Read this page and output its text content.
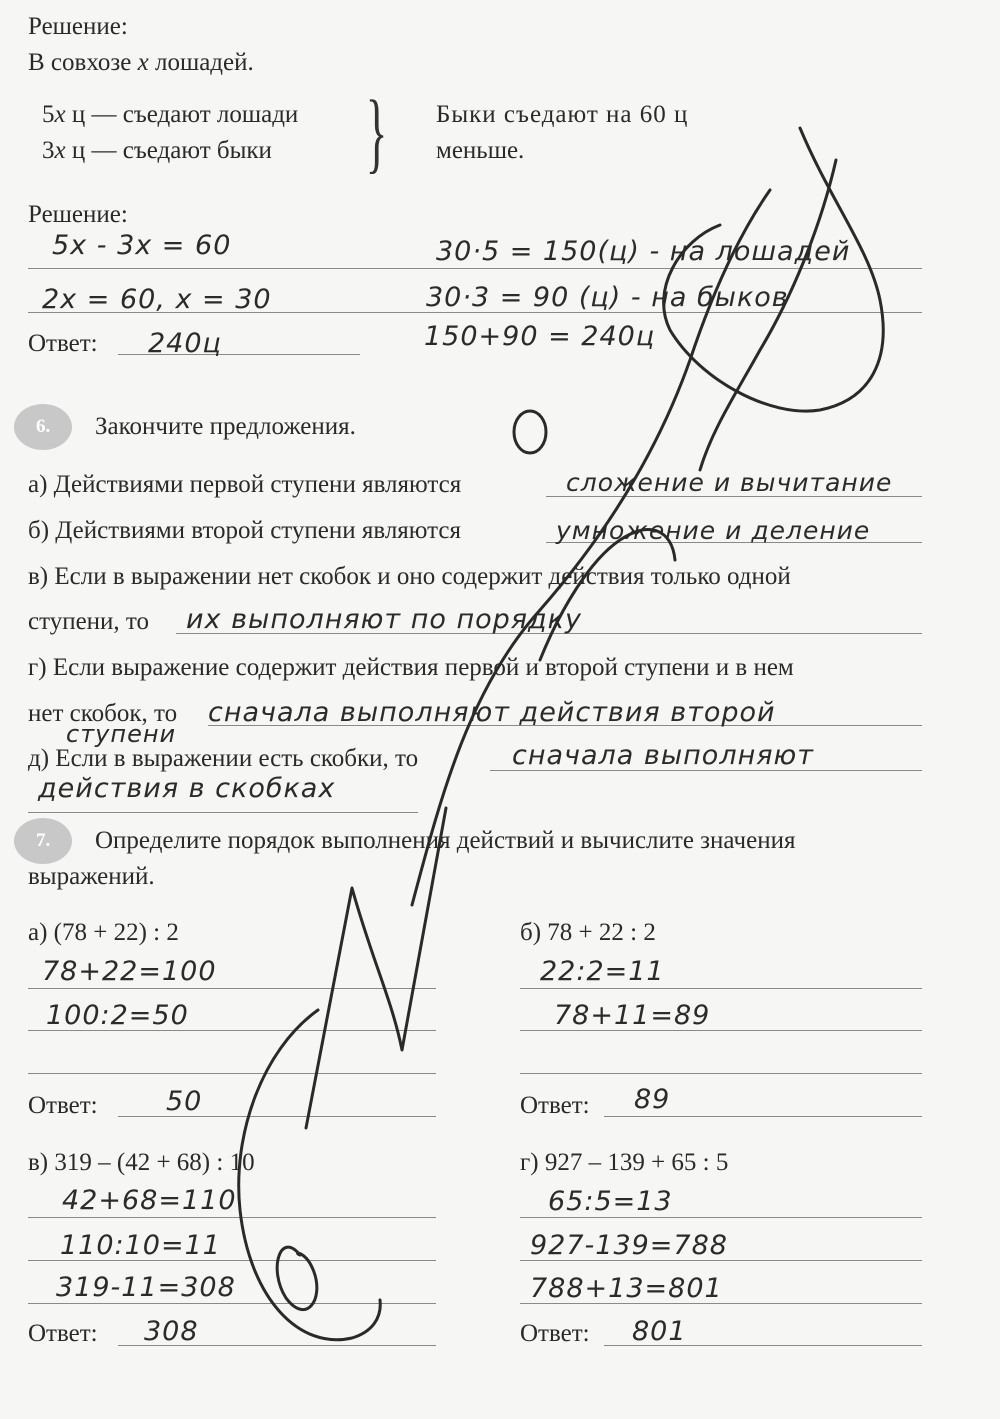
Решение:
В совхозе x лошадей.
5x ц — съедают лошади
3x ц — съедают быки } Быки съедают на 60 ц
меньше.
Решение:
5x - 3x = 60
2x = 60, x = 30
30·5 = 150(ц) - на лошадей
30·3 = 90 (ц) - на быков
150+90 = 240ц
Ответ: 240ц
6. Закончите предложения.
а) Действиями первой ступени являются	сложение и вычитание
б) Действиями второй ступени являются	умножение и деление
в) Если в выражении нет скобок и оно содержит действия только одной
ступени, то их выполняют по порядку
г) Если выражение содержит действия первой и второй ступени и в нем
нет скобок, то сначала выполняют действия второй
ступени
д) Если в выражении есть скобки, то	сначала выполняют
действия в скобках
7. Определите порядок выполнения действий и вычислите значения
выражений.
а) (78 + 22) : 2
78+22=100
100:2=50
Ответ:	50
б) 78 + 22 : 2
22:2=11
78+11=89
Ответ: 89
в) 319 – (42 + 68) : 10
42+68=110
110:10=11
319-11=308
Ответ: 308
г) 927 – 139 + 65 : 5
65:5=13
927-139=788
788+13=801
Ответ: 801
